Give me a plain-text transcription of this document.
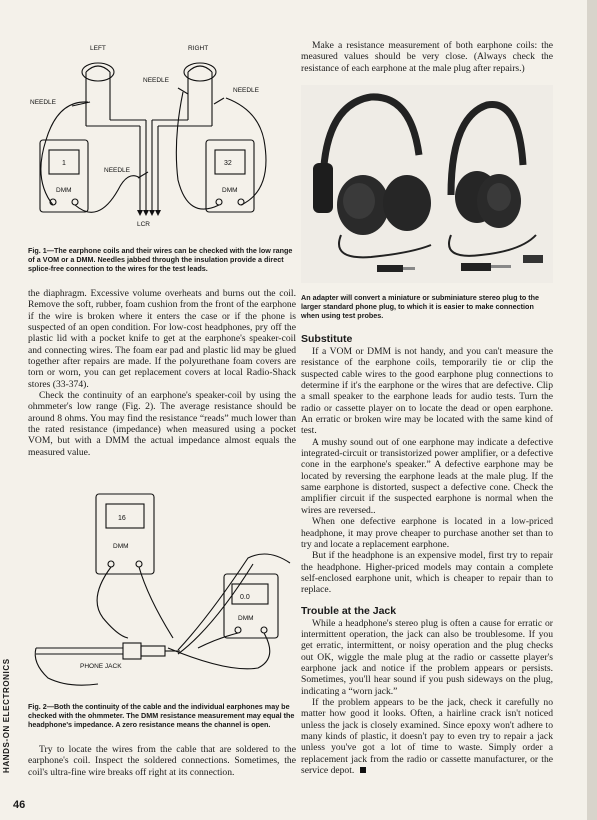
LEFT	RIGHT
NEEDLE
NEEDLE
NEEDLE
NEEDLE
LCR
DMM	DMM
1	32
Fig. 1—The earphone coils and their wires can be checked with the low range of a VOM or a DMM. Needles jabbed through the insulation provide a direct splice-free connection to the wires for the test leads.

the diaphragm. Excessive volume overheats and burns out the coil. Remove the soft, rubber, foam cushion from the front of the earphone if the wire is broken where it enters the case or if the phone is suspected of an open condition. For low-cost headphones, pry off the plastic lid with a pocket knife to get at the earphone's speaker-coil and connecting wires. The foam ear pad and plastic lid may be glued together after repairs are made. If the polyurethane foam covers are torn or worn, you can get replacement covers at local Radio-Shack stores (33-374).

Check the continuity of an earphone's speaker-coil by using the ohmmeter's low range (Fig. 2). The average resistance should be around 8 ohms. You may find the resistance “reads” much lower than the rated resistance (impedance) when measured using a pocket VOM, but with a DMM the actual impedance almost equals the measured value.

16
DMM
0.0
DMM
PHONE JACK
Fig. 2—Both the continuity of the cable and the individual earphones may be checked with the ohmmeter. The DMM resistance measurement may equal the headphone's impedance. A zero resistance means the channel is open.

Try to locate the wires from the cable that are soldered to the earphone's coil. Inspect the soldered connections. Sometimes, the coil's ultra-fine wire breaks off right at its connection.

Make a resistance measurement of both earphone coils: the measured values should be very close. (Always check the resistance of each earphone at the male plug after repairs.)

An adapter will convert a miniature or subminiature stereo plug to the larger standard phone plug, to which it is easier to make connection when using test probes.
Substitute

If a VOM or DMM is not handy, and you can't measure the resistance of the earphone coils, temporarily tie or clip the suspected cable wires to the good earphone plug connections to determine if it's the earphone or the wires that are defective. Clip a small speaker to the earphone leads for audio tests. Turn the radio or cassette player on to locate the dead or open earphone. An erratic or broken wire may be located with the same kind of test.

A mushy sound out of one earphone may indicate a defective integrated-circuit or transistorized power amplifier, or a defective cone in the earphone's speaker.” A defective earphone may be located by reversing the earphone leads at the male plug. If the same earphone is distorted, suspect a defective cone. Check the amplifier circuit if the suspected earphone is normal when the wires are reversed..

When one defective earphone is located in a low-priced headphone, it may prove cheaper to purchase another set than to try and locate a replacement earphone.

But if the headphone is an expensive model, first try to repair the headphone. Higher-priced models may contain a complete self-enclosed earphone unit, which is cheaper to repair than to replace.

Trouble at the Jack

While a headphone's stereo plug is often a cause for erratic or intermittent operation, the jack can also be troublesome. If you get erratic, intermittent, or noisy operation and the plug checks out OK, wiggle the male plug at the radio or cassette player's earphone jack and notice if the problem appears or persists. Sometimes, you'll hear sound if you push sideways on the plug, indicating a “worn jack.”

If the problem appears to be the jack, check it carefully no matter how good it looks. Often, a hairline crack isn't noticed unless the jack is closely examined. Since epoxy won't adhere to many kinds of plastic, it doesn't pay to even try to repair a jack unless you've got a lot of time to waste. Simply order a replacement jack from the radio or cassette manufacturer, or the service depot.

HANDS-ON ELECTRONICS
46
